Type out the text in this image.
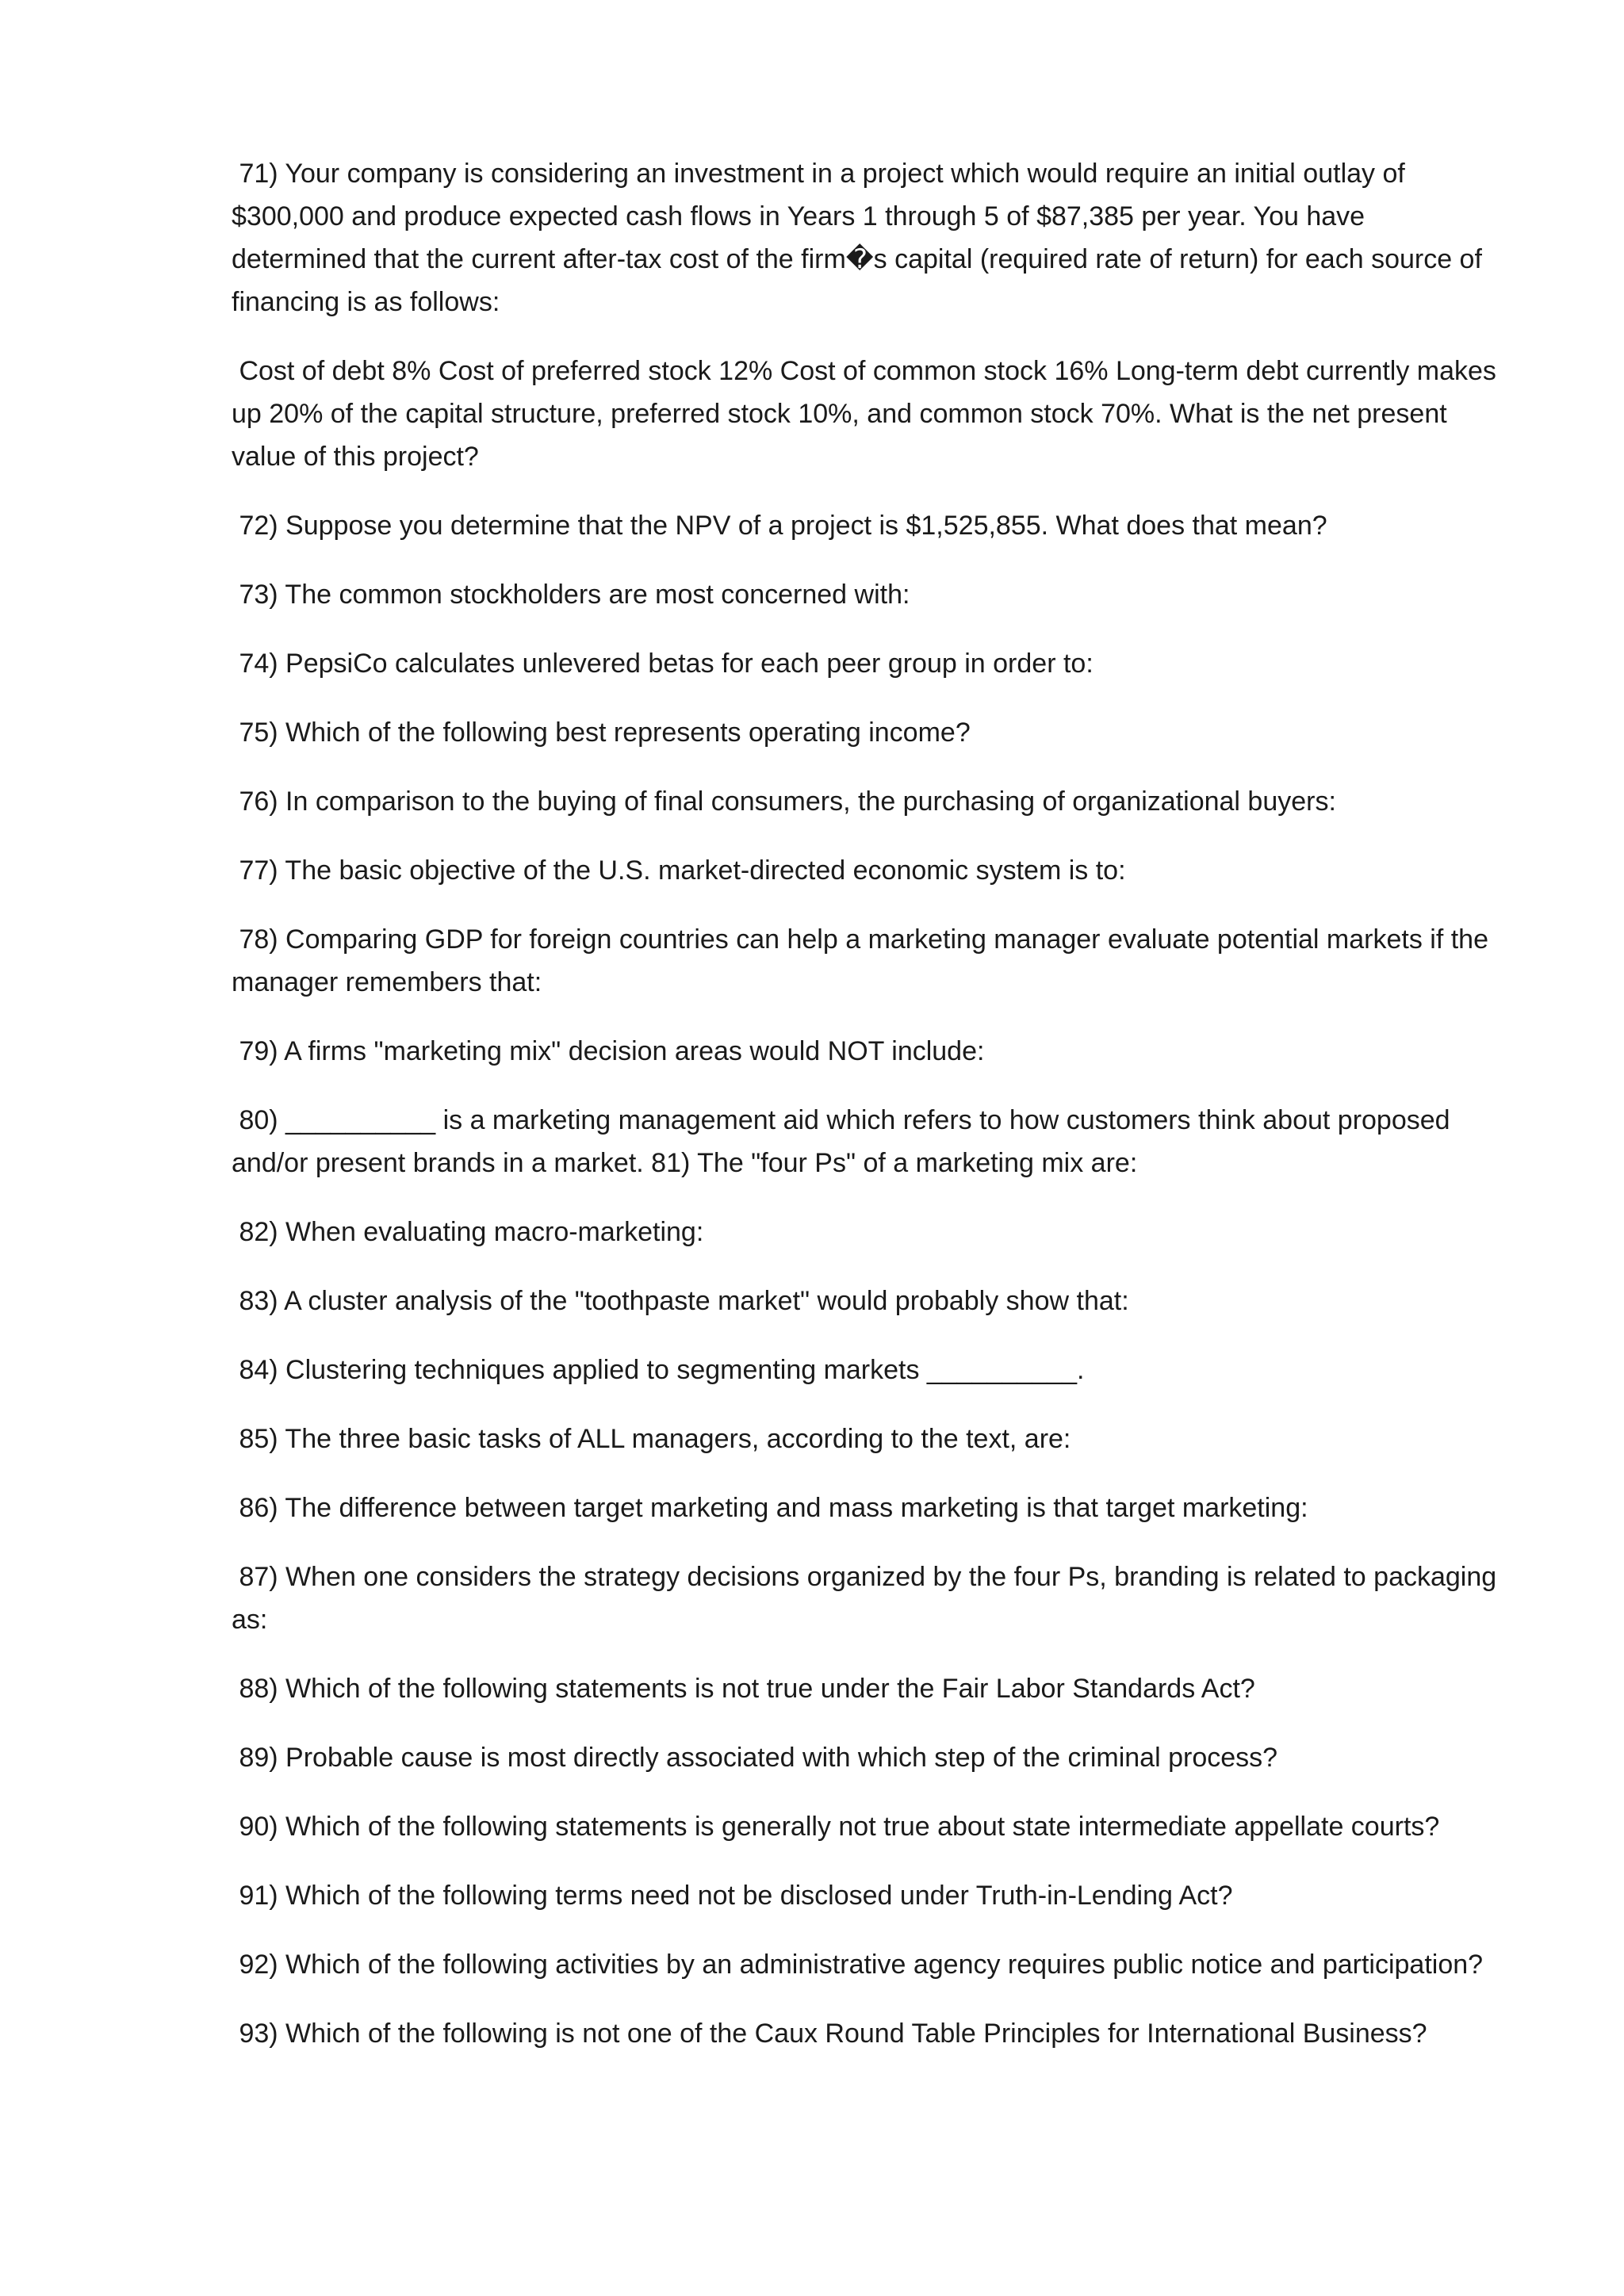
71) Your company is considering an investment in a project which would require an initial outlay of $300,000 and produce expected cash flows in Years 1 through 5 of $87,385 per year. You have determined that the current after-tax cost of the firm�s capital (required rate of return) for each source of financing is as follows:

Cost of debt 8% Cost of preferred stock 12% Cost of common stock 16% Long-term debt currently makes up 20% of the capital structure, preferred stock 10%, and common stock 70%. What is the net present value of this project?

72) Suppose you determine that the NPV of a project is $1,525,855. What does that mean?

73) The common stockholders are most concerned with:

74) PepsiCo calculates unlevered betas for each peer group in order to:

75) Which of the following best represents operating income?

76) In comparison to the buying of final consumers, the purchasing of organizational buyers:

77) The basic objective of the U.S. market-directed economic system is to:

78) Comparing GDP for foreign countries can help a marketing manager evaluate potential markets if the manager remembers that:

79) A firms "marketing mix" decision areas would NOT include:

80) __________ is a marketing management aid which refers to how customers think about proposed and/or present brands in a market. 81) The "four Ps" of a marketing mix are:

82) When evaluating macro-marketing:

83) A cluster analysis of the "toothpaste market" would probably show that:

84) Clustering techniques applied to segmenting markets __________.

85) The three basic tasks of ALL managers, according to the text, are:

86) The difference between target marketing and mass marketing is that target marketing:

87) When one considers the strategy decisions organized by the four Ps, branding is related to packaging as:

88) Which of the following statements is not true under the Fair Labor Standards Act?

89) Probable cause is most directly associated with which step of the criminal process?

90) Which of the following statements is generally not true about state intermediate appellate courts?

91) Which of the following terms need not be disclosed under Truth-in-Lending Act?

92) Which of the following activities by an administrative agency requires public notice and participation?

93) Which of the following is not one of the Caux Round Table Principles for International Business?
